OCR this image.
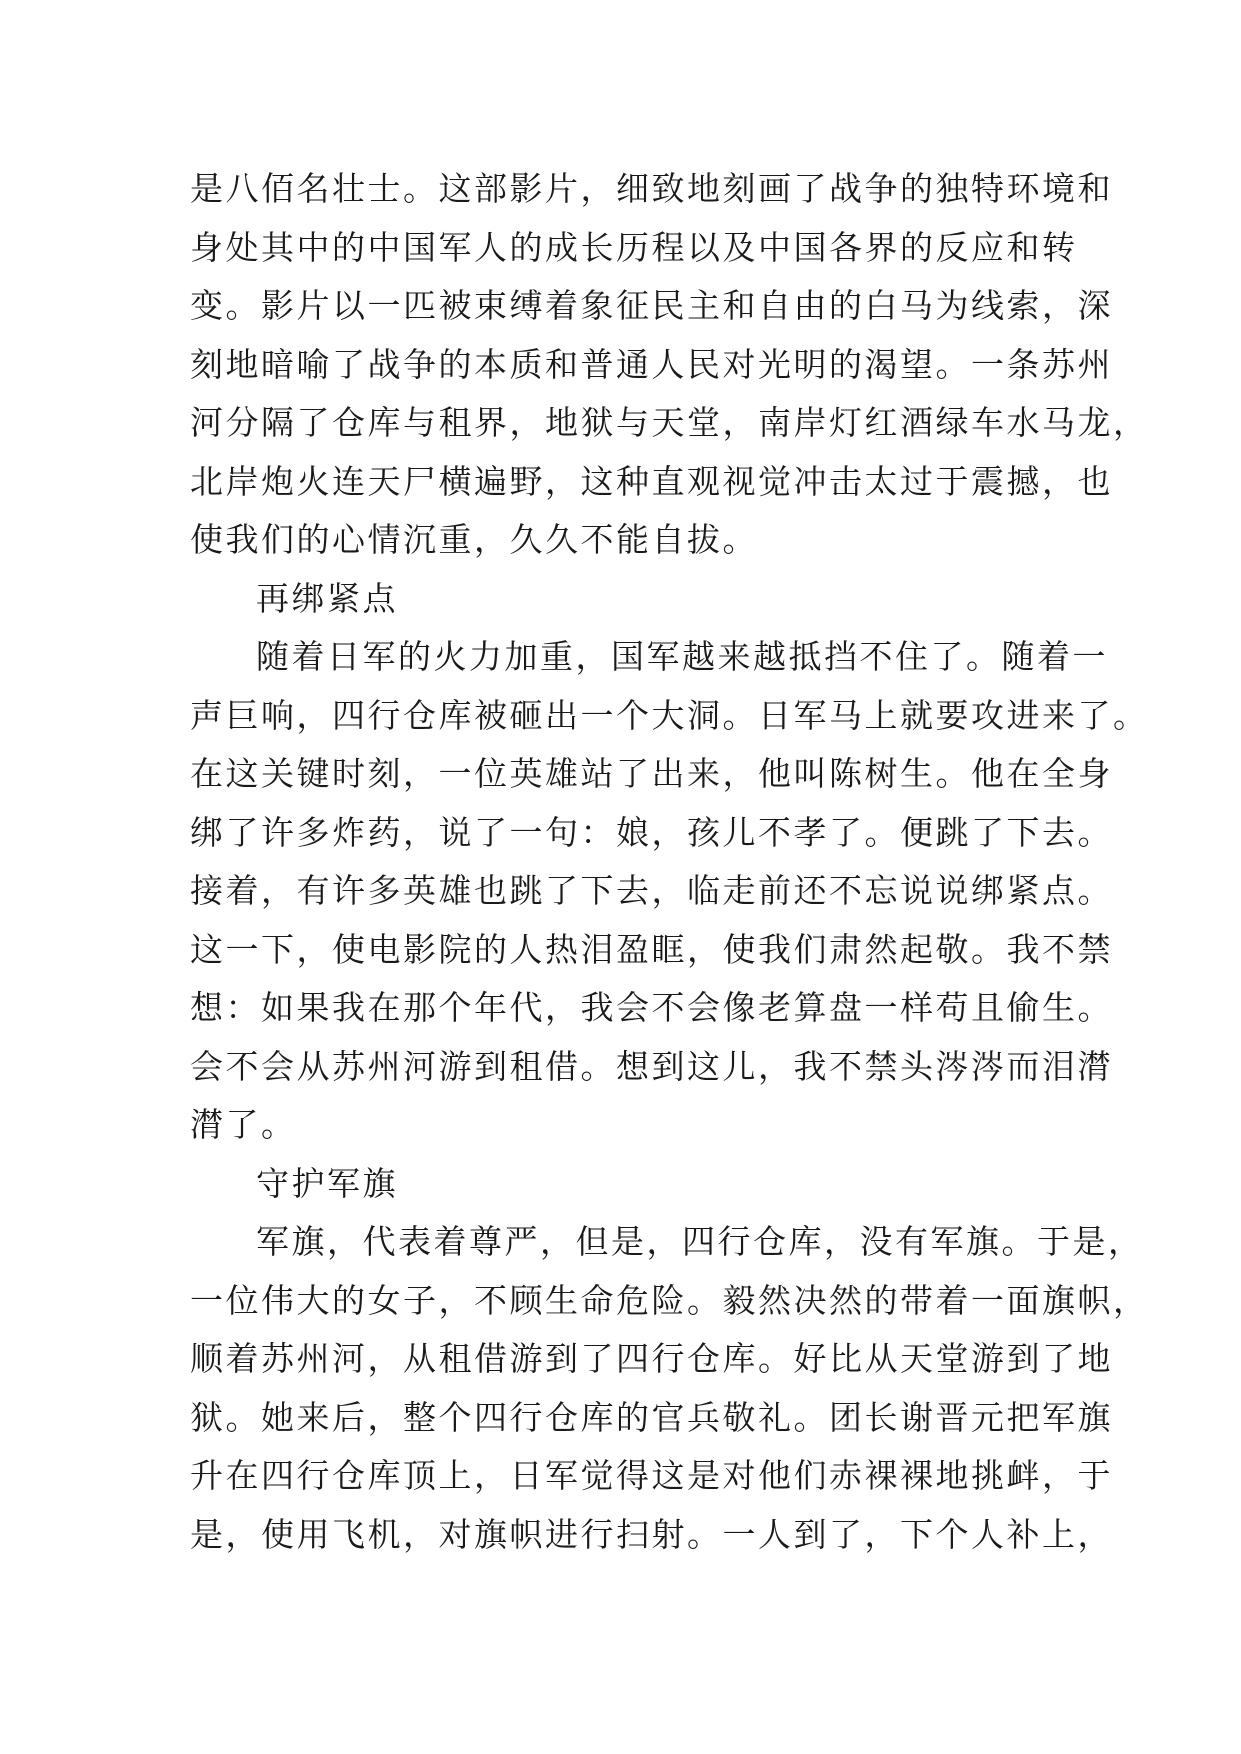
是八佰名壮士。这部影片，细致地刻画了战争的独特环境和
身处其中的中国军人的成长历程以及中国各界的反应和转
变。影片以一匹被束缚着象征民主和自由的白马为线索，深
刻地暗喻了战争的本质和普通人民对光明的渴望。一条苏州
河分隔了仓库与租界，地狱与天堂，南岸灯红酒绿车水马龙，
北岸炮火连天尸横遍野，这种直观视觉冲击太过于震撼，也
使我们的心情沉重，久久不能自拔。
再绑紧点
随着日军的火力加重，国军越来越抵挡不住了。随着一
声巨响，四行仓库被砸出一个大洞。日军马上就要攻进来了。
在这关键时刻，一位英雄站了出来，他叫陈树生。他在全身
绑了许多炸药，说了一句：娘，孩儿不孝了。便跳了下去。
接着，有许多英雄也跳了下去，临走前还不忘说说绑紧点。
这一下，使电影院的人热泪盈眶，使我们肃然起敬。我不禁
想：如果我在那个年代，我会不会像老算盘一样苟且偷生。
会不会从苏州河游到租借。想到这儿，我不禁头涔涔而泪潸
潸了。
守护军旗
军旗，代表着尊严，但是，四行仓库，没有军旗。于是，
一位伟大的女子，不顾生命危险。毅然决然的带着一面旗帜，
顺着苏州河，从租借游到了四行仓库。好比从天堂游到了地
狱。她来后，整个四行仓库的官兵敬礼。团长谢晋元把军旗
升在四行仓库顶上，日军觉得这是对他们赤裸裸地挑衅，于
是，使用飞机，对旗帜进行扫射。一人到了，下个人补上，
